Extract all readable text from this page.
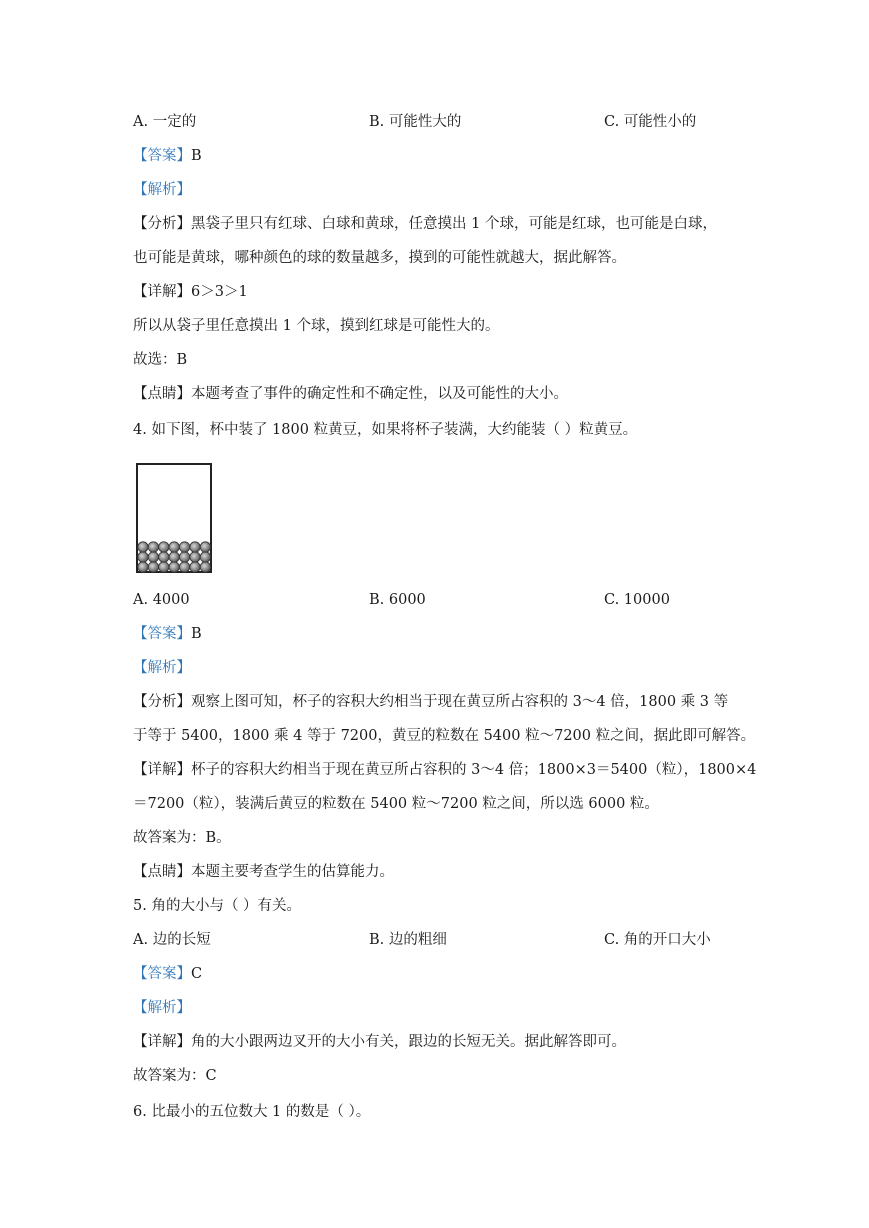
A. 一定的	B. 可能性大的	C. 可能性小的
【答案】B
【解析】
【分析】黑袋子里只有红球、白球和黄球，任意摸出 1 个球，可能是红球，也可能是白球，
也可能是黄球，哪种颜色的球的数量越多，摸到的可能性就越大，据此解答。
【详解】6＞3＞1
所以从袋子里任意摸出 1 个球，摸到红球是可能性大的。
故选：B
【点睛】本题考查了事件的确定性和不确定性，以及可能性的大小。
4. 如下图，杯中装了 1800 粒黄豆，如果将杯子装满，大约能装（ ）粒黄豆。
A. 4000	B. 6000	C. 10000
【答案】B
【解析】
【分析】观察上图可知，杯子的容积大约相当于现在黄豆所占容积的 3～4 倍，1800 乘 3 等
于等于 5400，1800 乘 4 等于 7200，黄豆的粒数在 5400 粒～7200 粒之间，据此即可解答。
【详解】杯子的容积大约相当于现在黄豆所占容积的 3～4 倍；1800×3＝5400（粒），1800×4
＝7200（粒），装满后黄豆的粒数在 5400 粒～7200 粒之间，所以选 6000 粒。
故答案为：B。
【点睛】本题主要考查学生的估算能力。
5. 角的大小与（ ）有关。
A. 边的长短	B. 边的粗细	C. 角的开口大小
【答案】C
【解析】
【详解】角的大小跟两边叉开的大小有关，跟边的长短无关。据此解答即可。
故答案为：C
6. 比最小的五位数大 1 的数是（ ）。
